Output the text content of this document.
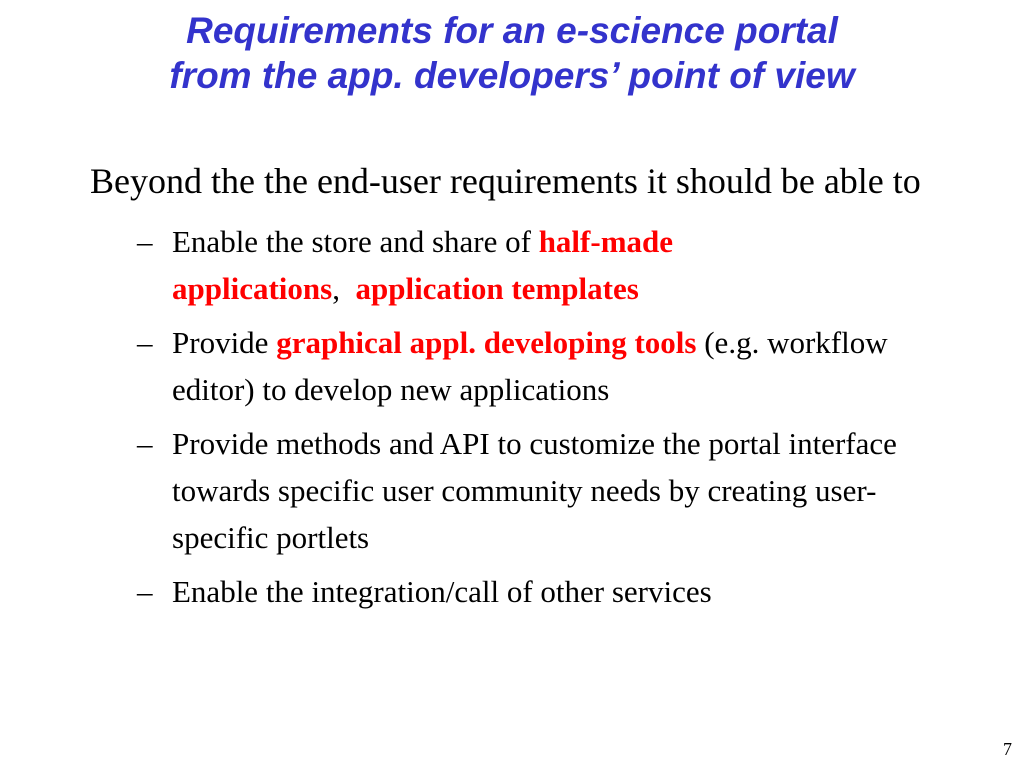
Requirements for an e-science portal
from the app. developers’ point of view

Beyond the the end-user requirements it should be able to

– Enable the store and share of half-made applications,  application templates
– Provide graphical appl. developing tools (e.g. workflow editor) to develop new applications
– Provide methods and API to customize the portal interface towards specific user community needs by creating user-specific portlets
– Enable the integration/call of other services
7
